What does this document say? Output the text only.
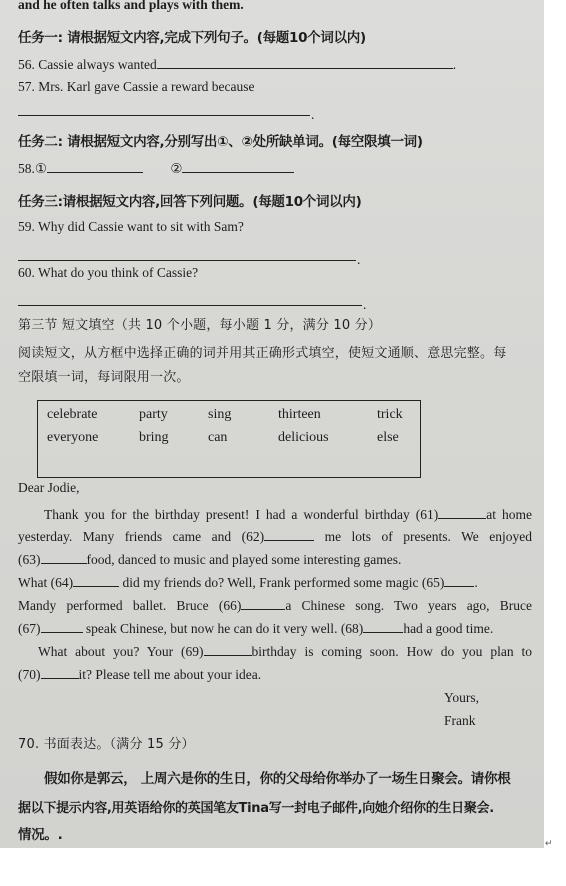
and he often talks and plays with them.
任务一: 请根据短文内容,完成下列句子。(每题10个词以内)
56. Cassie always wanted	.
57. Mrs. Karl gave Cassie a reward because
.
任务二: 请根据短文内容,分别写出①、②处所缺单词。(每空限填一词)
58.①	②
任务三:请根据短文内容,回答下列问题。(每题10个词以内)
59. Why did Cassie want to sit with Sam?
.
60. What do you think of Cassie?
.
第三节 短文填空（共 10 个小题，每小题 1 分，满分 10 分）
阅读短文，从方框中选择正确的词并用其正确形式填空，使短文通顺、意思完整。每
空限填一词，每词限用一次。
celebrate	party	sing	thirteen	trick
everyone	bring	can	delicious	else
Dear Jodie,
Thank you for the birthday present! I had a wonderful birthday (61)	at home
yesterday. Many friends came and (62)	me lots of presents. We enjoyed
(63)	food, danced to music and played some interesting games.
What (64)	did my friends do? Well, Frank performed some magic (65) .
Mandy performed ballet. Bruce (66)	a Chinese song. Two years ago, Bruce
(67)	speak Chinese, but now he can do it very well. (68)	had a good time.
What about you? Your (69)	birthday is coming soon. How do you plan to
(70)	it? Please tell me about your idea.
Yours,
Frank
70. 书面表达。（满分 15 分）
假如你是郭云， 上周六是你的生日，你的父母给你举办了一场生日聚会。请你根
据以下提示内容,用英语给你的英国笔友Tina写一封电子邮件,向她介绍你的生日聚会.
情况。.	↵
